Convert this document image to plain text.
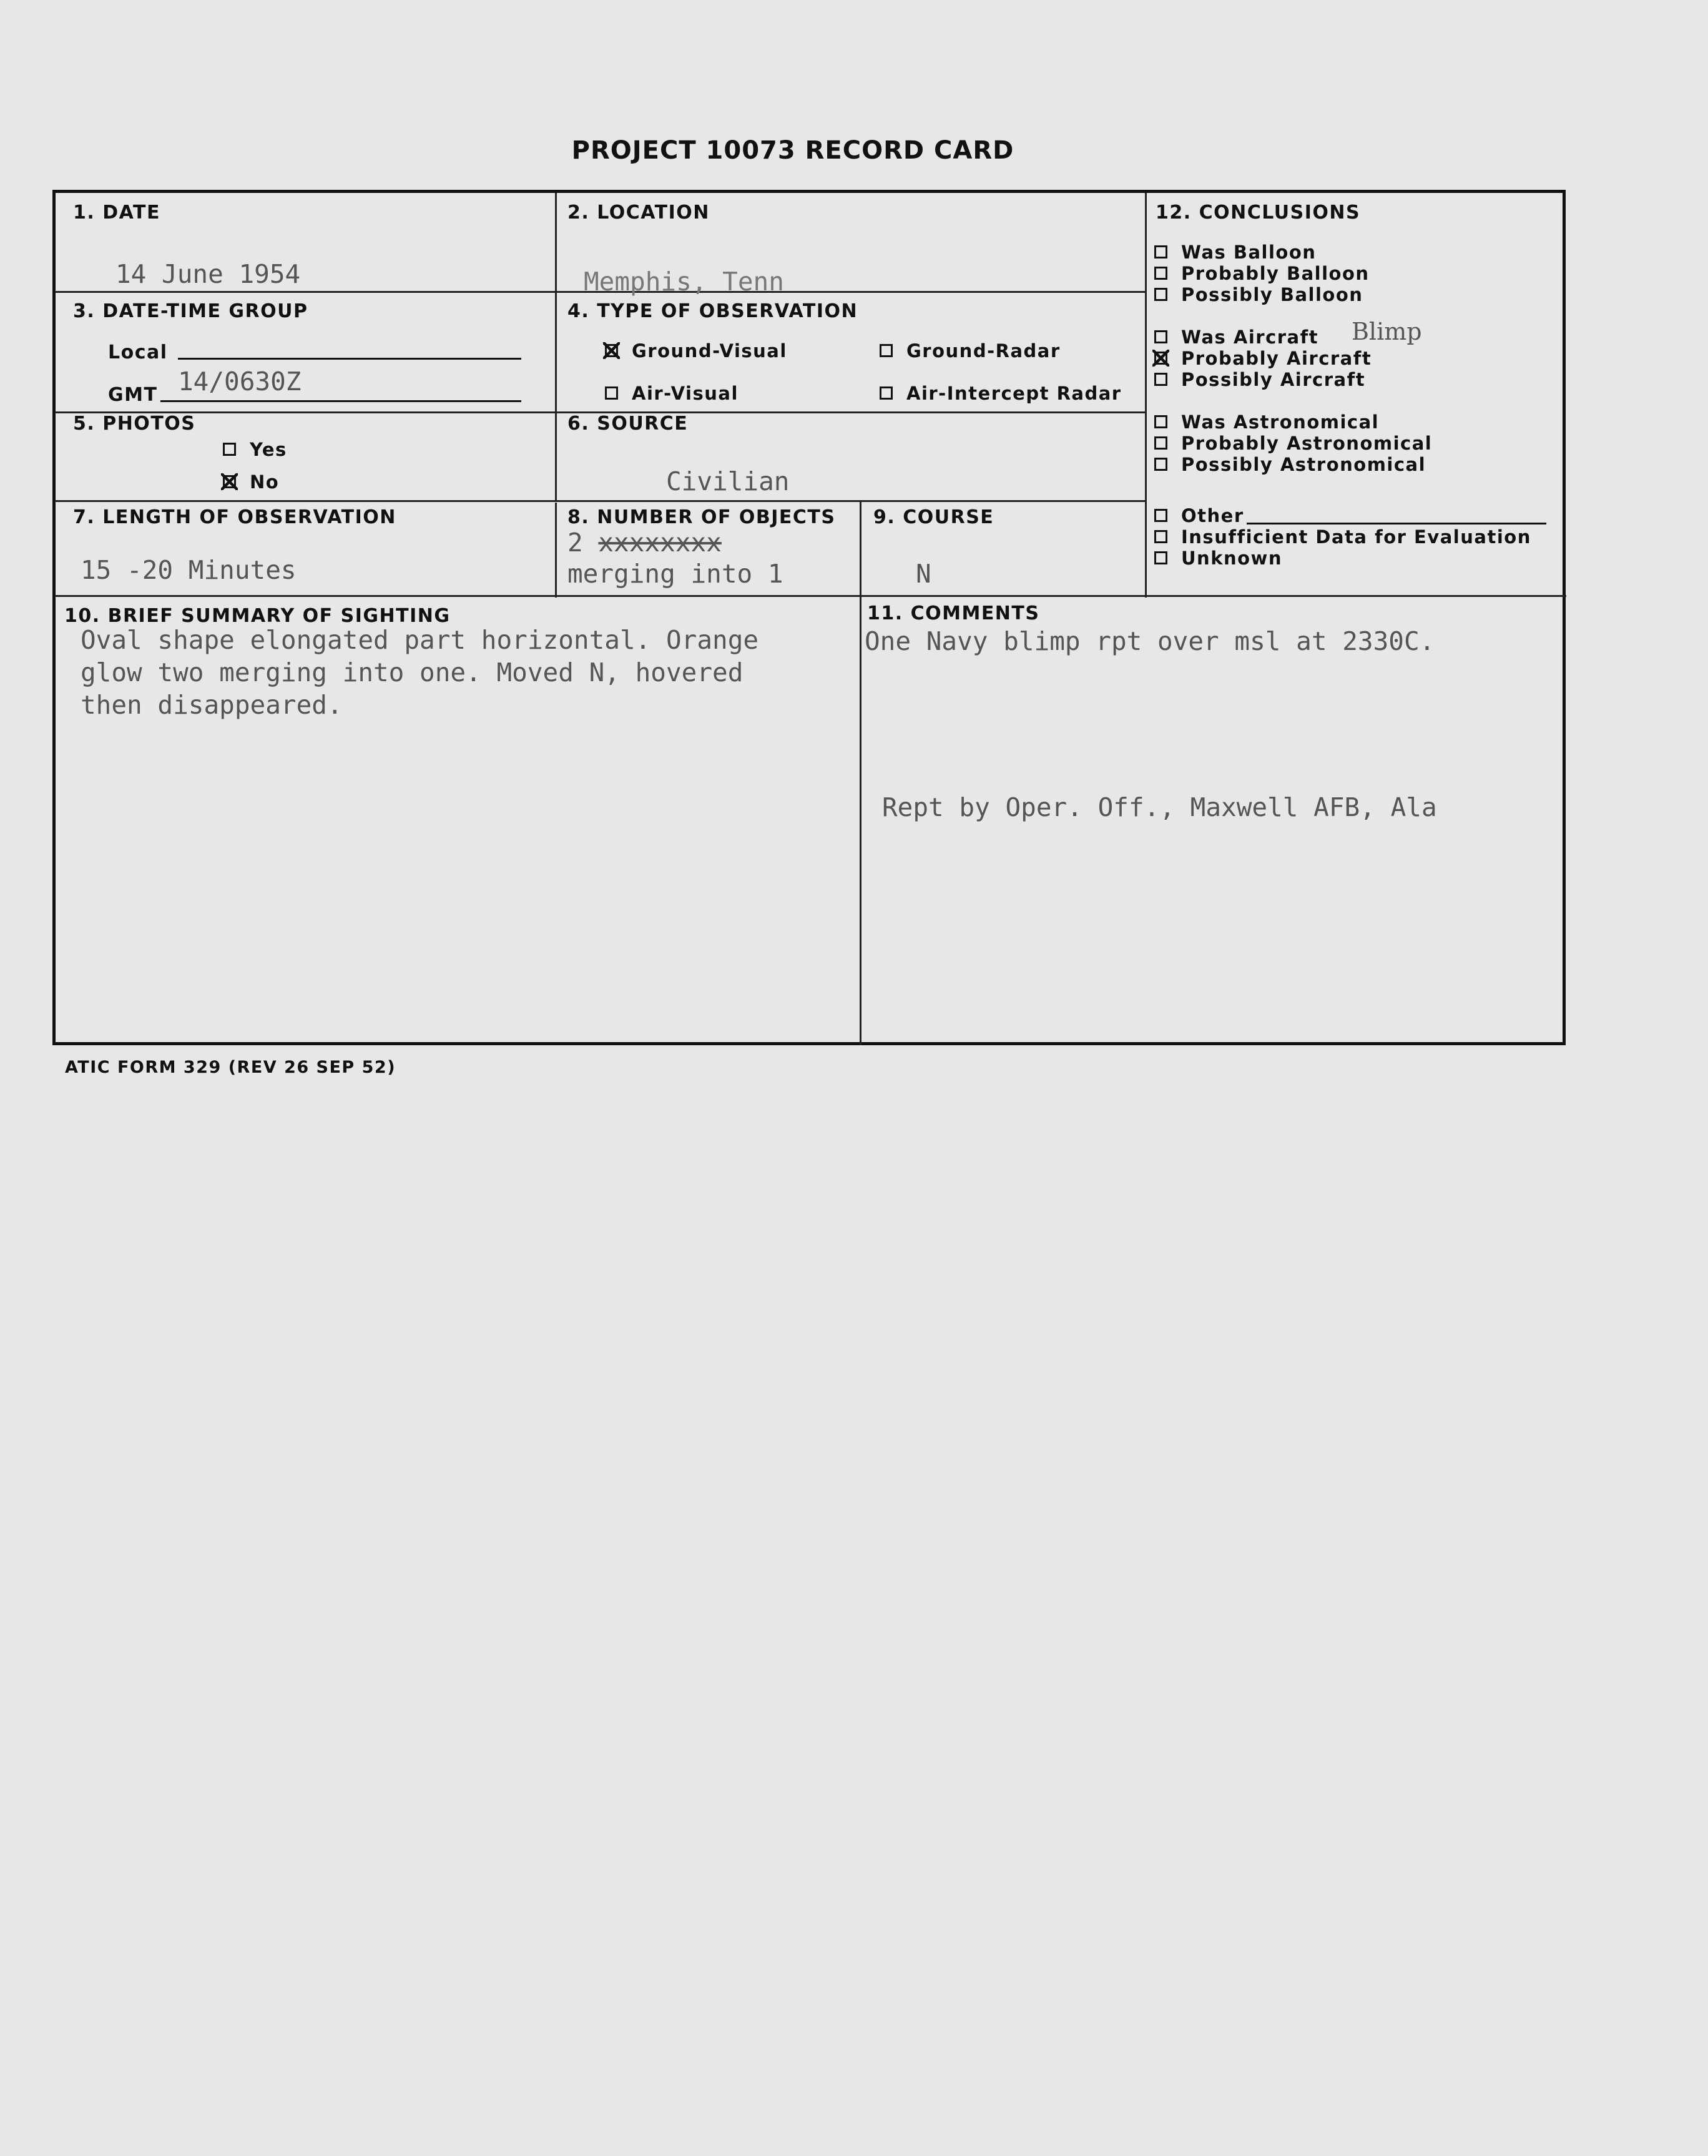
PROJECT 10073 RECORD CARD
1. DATE
14 June 1954
2. LOCATION
Memphis, Tenn
3. DATE-TIME GROUP
Local
GMT 14/0630Z
4. TYPE OF OBSERVATION
Ground-Visual	Ground-Radar
Air-Visual	Air-Intercept Radar
5. PHOTOS
Yes
No
6. SOURCE
Civilian
7. LENGTH OF OBSERVATION
15 -20 Minutes
8. NUMBER OF OBJECTS
2 xxxxxxxx
merging into 1
9. COURSE
N
10. BRIEF SUMMARY OF SIGHTING
Oval shape elongated part horizontal. Orange
glow two merging into one. Moved N, hovered
then disappeared.
11. COMMENTS
One Navy blimp rpt over msl at 2330C.
Rept by Oper. Off., Maxwell AFB, Ala
12. CONCLUSIONS
Was Balloon
Probably Balloon
Possibly Balloon
Was Aircraft Blimp
Probably Aircraft
Possibly Aircraft
Was Astronomical
Probably Astronomical
Possibly Astronomical
Other
Insufficient Data for Evaluation
Unknown
ATIC FORM 329 (REV 26 SEP 52)
